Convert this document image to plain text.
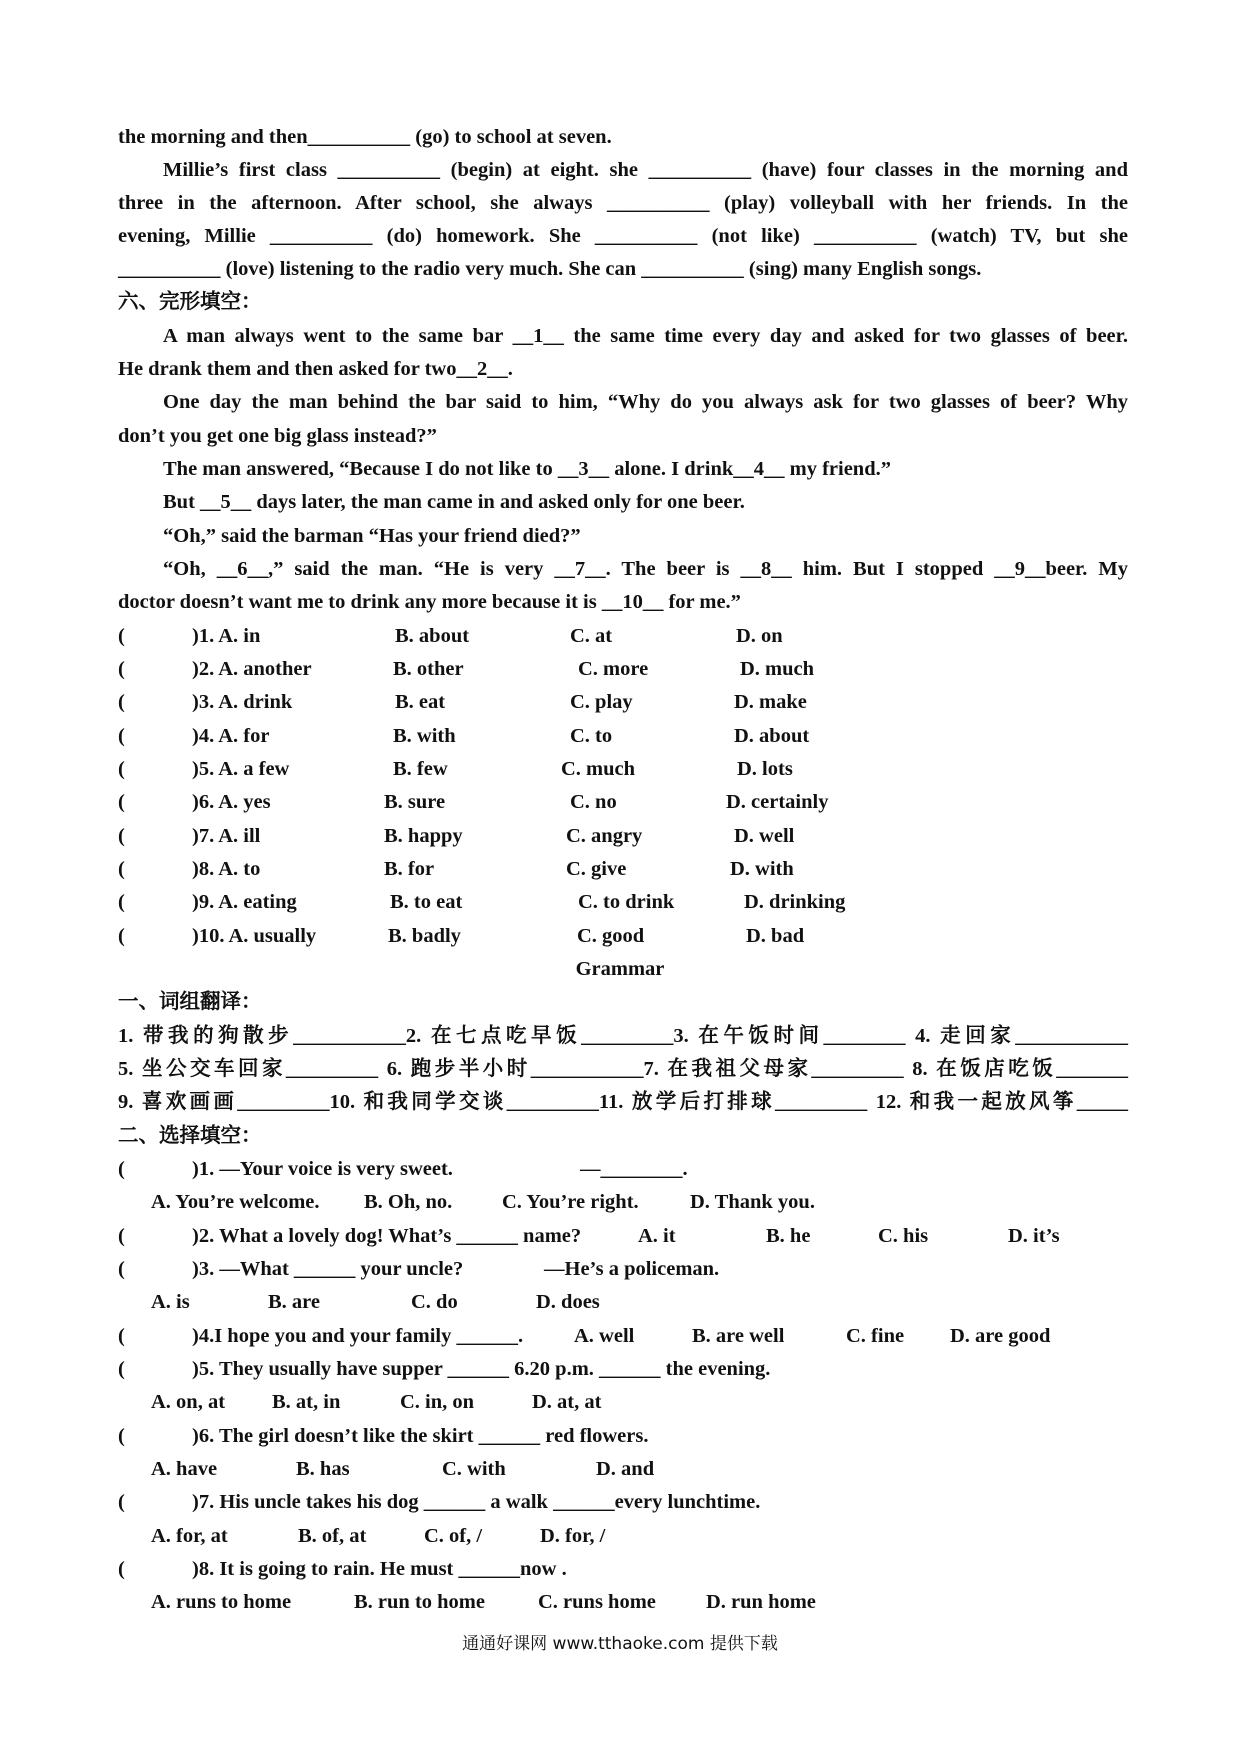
the morning and then__________ (go) to school at seven.
Millie’s first class __________ (begin) at eight. she __________ (have) four classes in the morning and
three in the afternoon. After school, she always __________ (play) volleyball with her friends. In the
evening, Millie __________ (do) homework. She __________ (not like) __________ (watch) TV, but she
__________ (love) listening to the radio very much. She can __________ (sing) many English songs.
六、完形填空：
A man always went to the same bar __1__ the same time every day and asked for two glasses of beer.
He drank them and then asked for two__2__.
One day the man behind the bar said to him, “Why do you always ask for two glasses of beer? Why
don’t you get one big glass instead?”
The man answered, “Because I do not like to __3__ alone. I drink__4__ my friend.”
But __5__ days later, the man came in and asked only for one beer.
“Oh,” said the barman “Has your friend died?”
“Oh, __6__,” said the man. “He is very __7__. The beer is __8__ him. But I stopped __9__beer. My
doctor doesn’t want me to drink any more because it is __10__ for me.”
(	)1. A. in	B. about	C. at	D. on
(	)2. A. another	B. other	C. more	D. much
(	)3. A. drink	B. eat	C. play	D. make
(	)4. A. for	B. with	C. to	D. about
(	)5. A. a few	B. few	C. much	D. lots
(	)6. A. yes	B. sure	C. no	D. certainly
(	)7. A. ill	B. happy	C. angry	D. well
(	)8. A. to	B. for	C. give	D. with
(	)9. A. eating	B. to eat	C. to drink	D. drinking
(	)10. A. usually	B. badly	C. good	D. bad
Grammar
一、词组翻译：
1. 带我的狗散步___________2. 在七点吃早饭_________3. 在午饭时间________ 4. 走回家___________
5. 坐公交车回家_________ 6. 跑步半小时___________7. 在我祖父母家_________ 8. 在饭店吃饭_______
9. 喜欢画画_________10. 和我同学交谈_________11. 放学后打排球_________ 12. 和我一起放风筝_____
二、选择填空：
(	)1. —Your voice is very sweet.	—________.
A. You’re welcome. B. Oh, no. C. You’re right.	D. Thank you.
(	)2. What a lovely dog! What’s ______ name?	A. it	B. he	C. his	D. it’s
(	)3. —What ______ your uncle?	—He’s a policeman.
A. is	B. are	C. do	D. does
(	)4.I hope you and your family ______. A. well	B. are well	C. fine D. are good
(	)5. They usually have supper ______ 6.20 p.m. ______ the evening.
A. on, at B. at, in	C. in, on	D. at, at
(	)6. The girl doesn’t like the skirt ______ red flowers.
A. have	B. has	C. with	D. and
(	)7. His uncle takes his dog ______ a walk ______every lunchtime.
A. for, at	B. of, at	C. of, /	D. for, /
(	)8. It is going to rain. He must ______now .
A. runs to home	B. run to home	C. runs home D. run home
通通好课网 www.tthaoke.com 提供下载
